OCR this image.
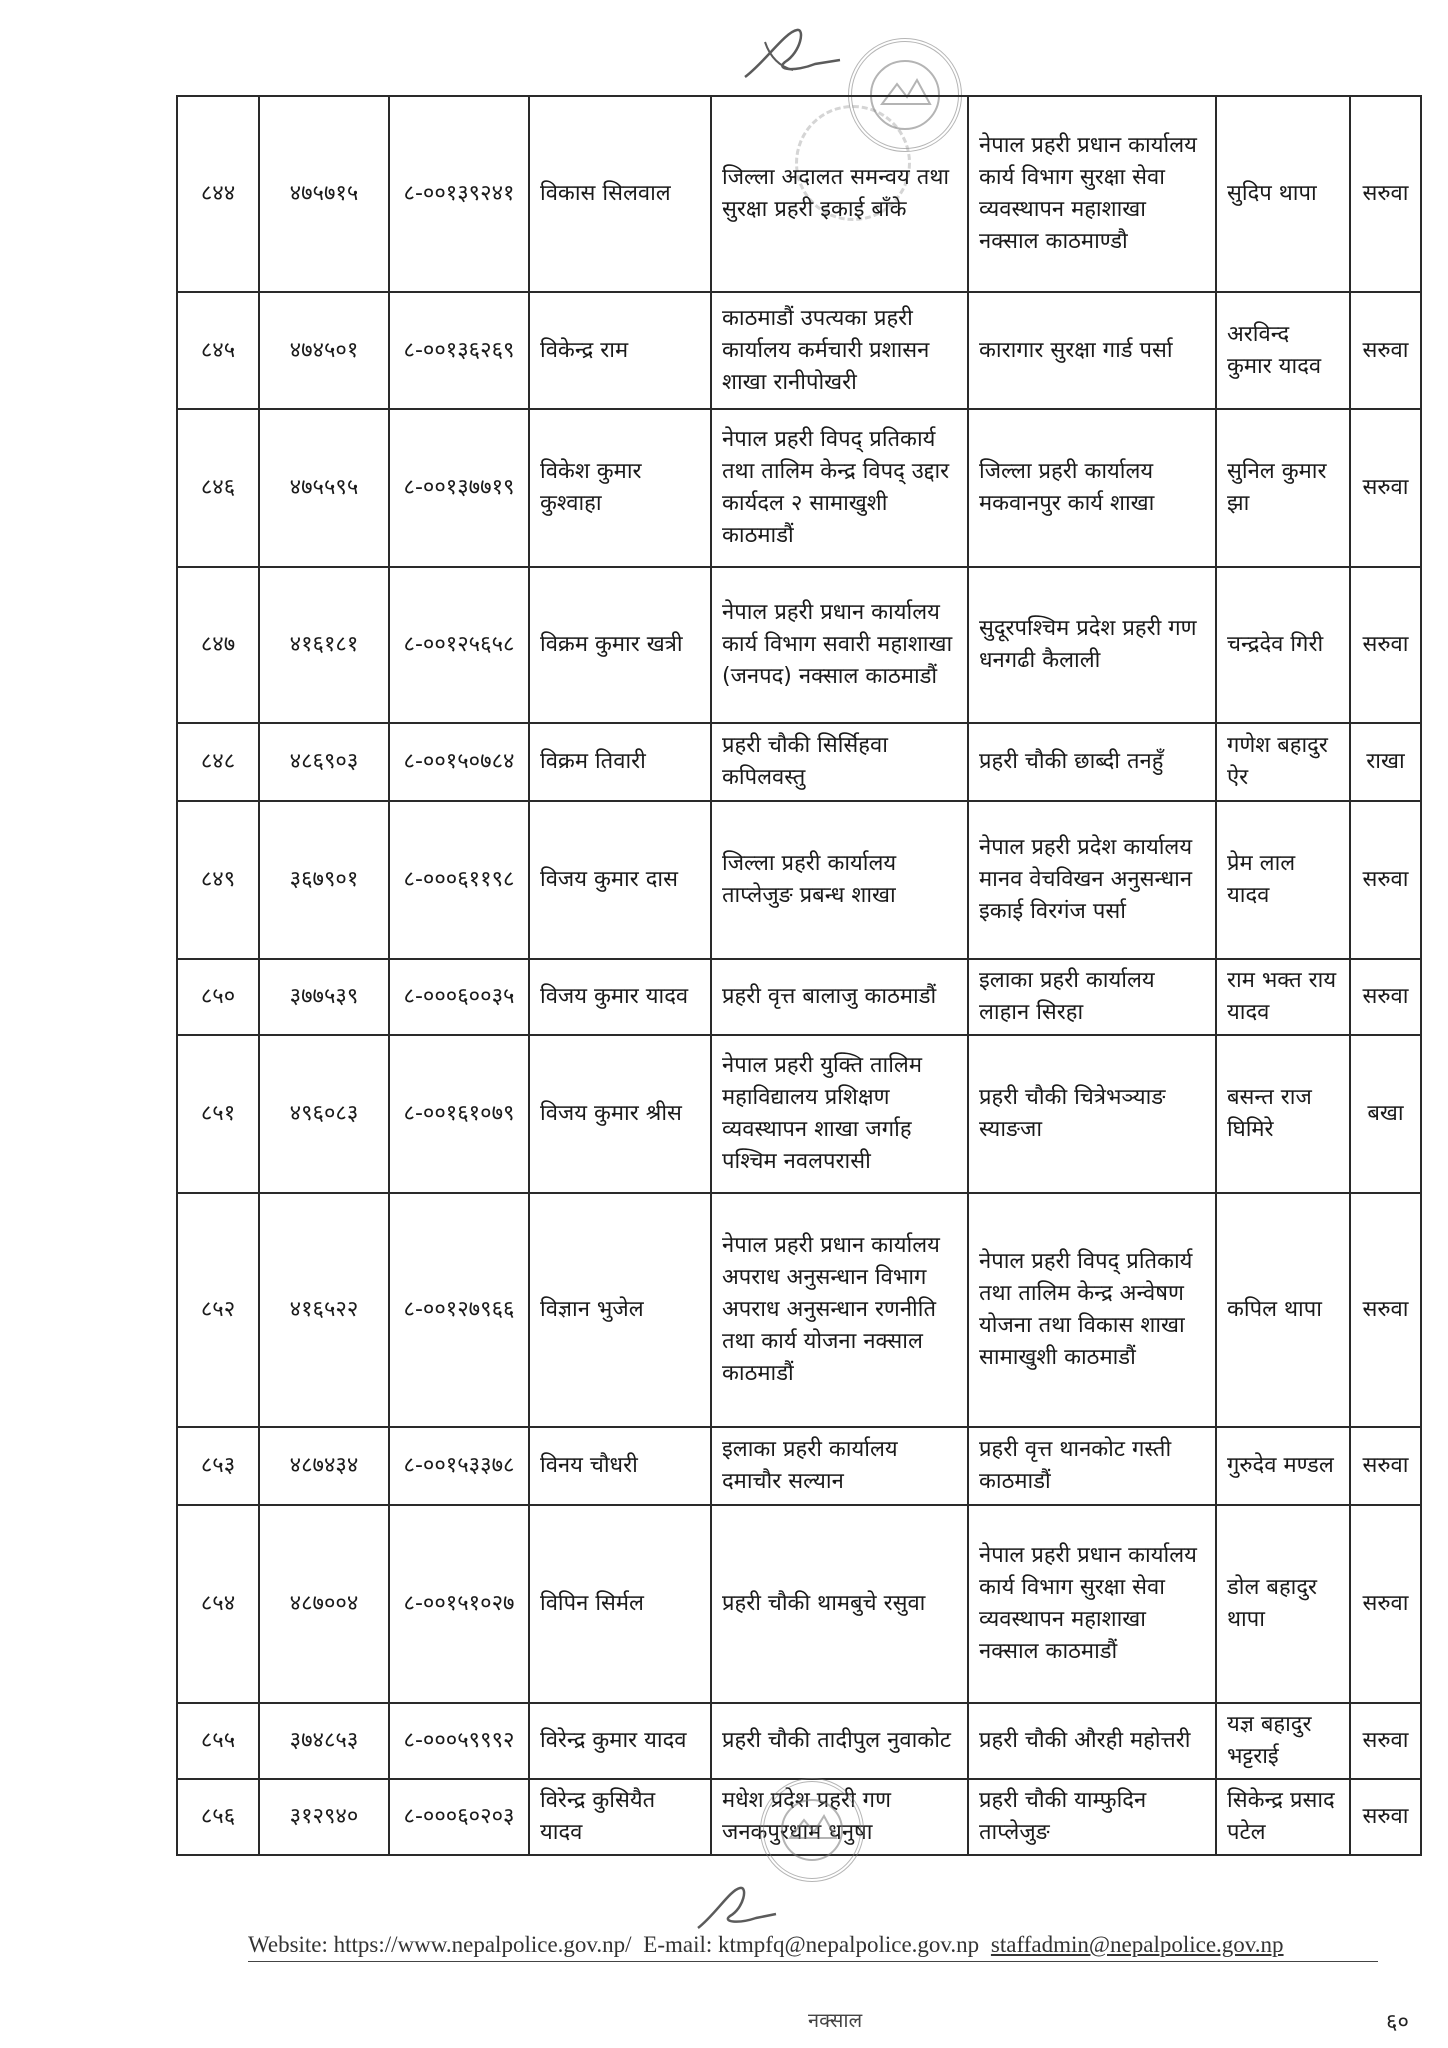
८४४	४७५७१५	८-००१३९२४१	विकास सिलवाल	जिल्ला अदालत समन्वय तथा सुरक्षा प्रहरी इकाई बाँके	नेपाल प्रहरी प्रधान कार्यालय कार्य विभाग सुरक्षा सेवा व्यवस्थापन महाशाखा नक्साल काठमाण्डौ	सुदिप थापा	सरुवा
८४५	४७४५०१	८-००१३६२६९	विकेन्द्र राम	काठमाडौं उपत्यका प्रहरी कार्यालय कर्मचारी प्रशासन शाखा रानीपोखरी	कारागार सुरक्षा गार्ड पर्सा	अरविन्द कुमार यादव	सरुवा
८४६	४७५५९५	८-००१३७७१९	विकेश कुमार कुश्वाहा	नेपाल प्रहरी विपद् प्रतिकार्य तथा तालिम केन्द्र विपद् उद्दार कार्यदल २ सामाखुशी काठमाडौं	जिल्ला प्रहरी कार्यालय मकवानपुर कार्य शाखा	सुनिल कुमार झा	सरुवा
८४७	४१६१८१	८-००१२५६५८	विक्रम कुमार खत्री	नेपाल प्रहरी प्रधान कार्यालय कार्य विभाग सवारी महाशाखा (जनपद) नक्साल काठमाडौं	सुदूरपश्चिम प्रदेश प्रहरी गण धनगढी कैलाली	चन्द्रदेव गिरी	सरुवा
८४८	४८६९०३	८-००१५०७८४	विक्रम तिवारी	प्रहरी चौकी सिर्सिहवा कपिलवस्तु	प्रहरी चौकी छाब्दी तनहुँ	गणेश बहादुर ऐर	राखा
८४९	३६७९०१	८-०००६११९८	विजय कुमार दास	जिल्ला प्रहरी कार्यालय ताप्लेजुङ प्रबन्ध शाखा	नेपाल प्रहरी प्रदेश कार्यालय मानव वेचविखन अनुसन्धान इकाई विरगंज पर्सा	प्रेम लाल यादव	सरुवा
८५०	३७७५३९	८-०००६००३५	विजय कुमार यादव	प्रहरी वृत्त बालाजु काठमाडौं	इलाका प्रहरी कार्यालय लाहान सिरहा	राम भक्त राय यादव	सरुवा
८५१	४९६०८३	८-००१६१०७९	विजय कुमार श्रीस	नेपाल प्रहरी युक्ति तालिम महाविद्यालय प्रशिक्षण व्यवस्थापन शाखा जर्गाह पश्चिम नवलपरासी	प्रहरी चौकी चित्रेभञ्याङ स्याङजा	बसन्त राज घिमिरे	बखा
८५२	४१६५२२	८-००१२७९६६	विज्ञान भुजेल	नेपाल प्रहरी प्रधान कार्यालय अपराध अनुसन्धान विभाग अपराध अनुसन्धान रणनीति तथा कार्य योजना नक्साल काठमाडौं	नेपाल प्रहरी विपद् प्रतिकार्य तथा तालिम केन्द्र अन्वेषण योजना तथा विकास शाखा सामाखुशी काठमाडौं	कपिल थापा	सरुवा
८५३	४८७४३४	८-००१५३३७८	विनय चौधरी	इलाका प्रहरी कार्यालय दमाचौर सल्यान	प्रहरी वृत्त थानकोट गस्ती काठमाडौं	गुरुदेव मण्डल	सरुवा
८५४	४८७००४	८-००१५१०२७	विपिन सिर्मल	प्रहरी चौकी थामबुचे रसुवा	नेपाल प्रहरी प्रधान कार्यालय कार्य विभाग सुरक्षा सेवा व्यवस्थापन महाशाखा नक्साल काठमाडौं	डोल बहादुर थापा	सरुवा
८५५	३७४८५३	८-०००५९९९२	विरेन्द्र कुमार यादव	प्रहरी चौकी तादीपुल नुवाकोट	प्रहरी चौकी औरही महोत्तरी	यज्ञ बहादुर भट्टराई	सरुवा
८५६	३१२९४०	८-०००६०२०३	विरेन्द्र कुसियैत यादव	मधेश प्रदेश प्रहरी गण जनकपुरधाम धनुषा	प्रहरी चौकी याम्फुदिन ताप्लेजुङ	सिकेन्द्र प्रसाद पटेल	सरुवा
Website: https://www.nepalpolice.gov.np/ E-mail: ktmpfq@nepalpolice.gov.np staffadmin@nepalpolice.gov.np
नक्साल	६०
